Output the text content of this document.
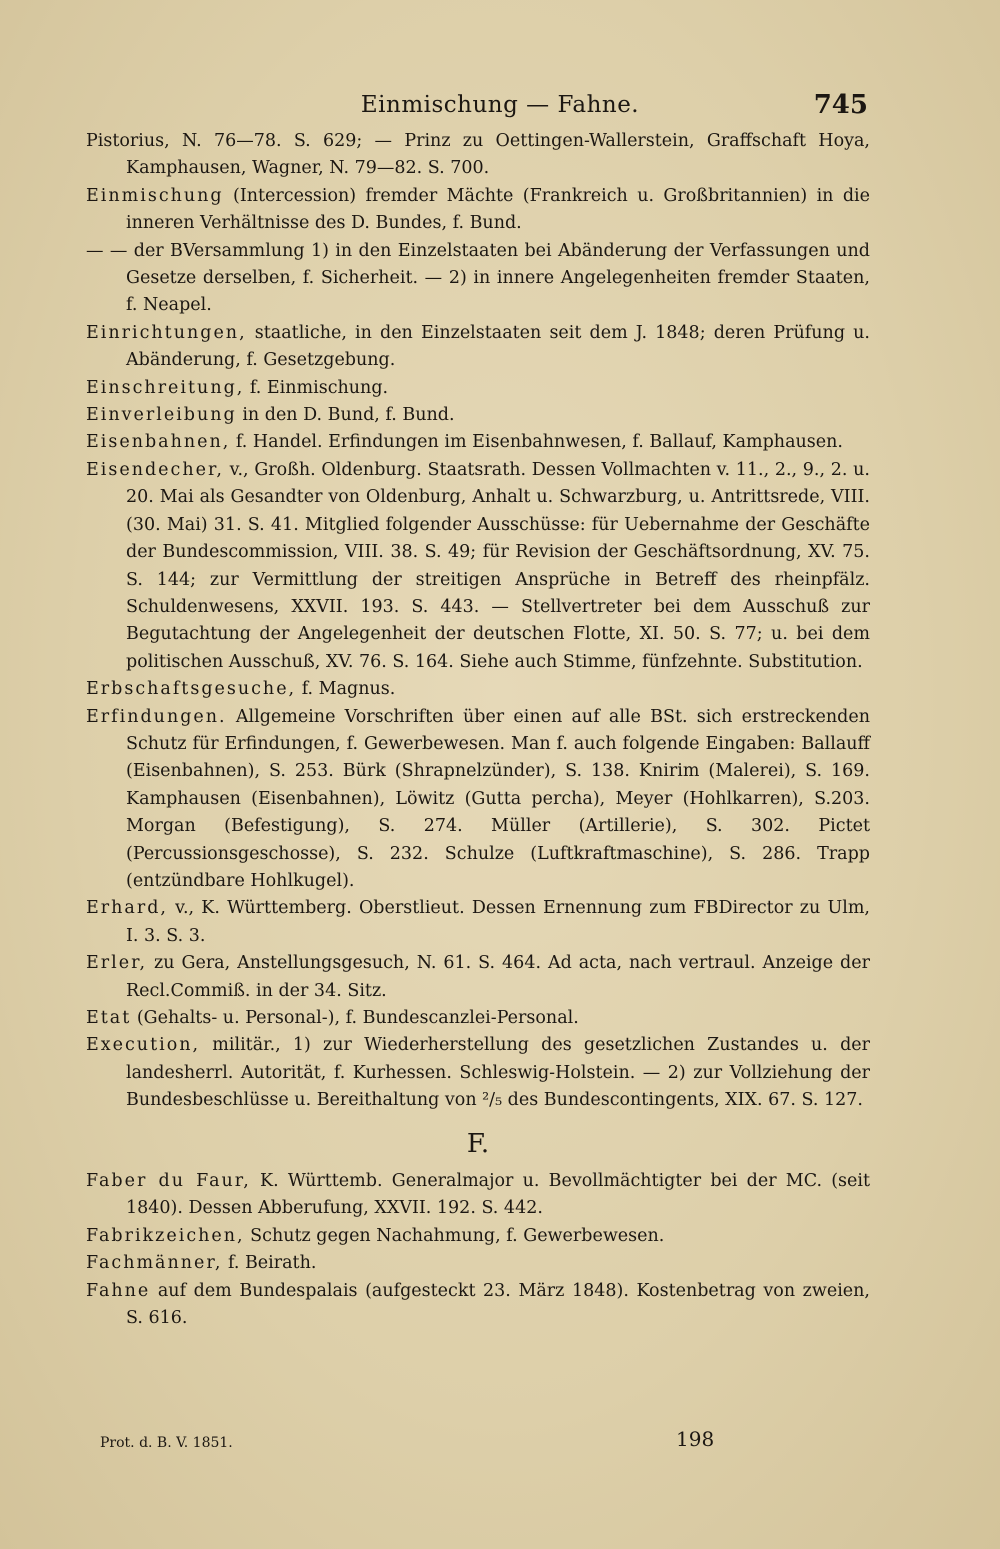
Einmischung — Fahne.	745
Pistorius, N. 76—78. S. 629; — Prinz zu Oettingen-Wallerstein, Graffschaft Hoya, Kamphausen, Wagner, N. 79—82. S. 700.
Einmischung (Intercession) fremder Mächte (Frankreich u. Großbritannien) in die inneren Verhältnisse des D. Bundes, f. Bund.
— — der BVersammlung 1) in den Einzelstaaten bei Abänderung der Verfassungen und Gesetze derselben, f. Sicherheit. — 2) in innere Angelegenheiten fremder Staaten, f. Neapel.
Einrichtungen, staatliche, in den Einzelstaaten seit dem J. 1848; deren Prüfung u. Abänderung, f. Gesetzgebung.
Einschreitung, f. Einmischung.
Einverleibung in den D. Bund, f. Bund.
Eisenbahnen, f. Handel. Erfindungen im Eisenbahnwesen, f. Ballauf, Kamphausen.
Eisendecher, v., Großh. Oldenburg. Staatsrath. Dessen Vollmachten v. 11., 2., 9., 2. u. 20. Mai als Gesandter von Oldenburg, Anhalt u. Schwarzburg, u. Antrittsrede, VIII. (30. Mai) 31. S. 41. Mitglied folgender Ausschüsse: für Uebernahme der Geschäfte der Bundescommission, VIII. 38. S. 49; für Revision der Geschäftsordnung, XV. 75. S. 144; zur Vermittlung der streitigen Ansprüche in Betreff des rheinpfälz. Schuldenwesens, XXVII. 193. S. 443. — Stellvertreter bei dem Ausschuß zur Begutachtung der Angelegenheit der deutschen Flotte, XI. 50. S. 77; u. bei dem politischen Ausschuß, XV. 76. S. 164. Siehe auch Stimme, fünfzehnte. Substitution.
Erbschaftsgesuche, f. Magnus.
Erfindungen. Allgemeine Vorschriften über einen auf alle BSt. sich erstreckenden Schutz für Erfindungen, f. Gewerbewesen. Man f. auch folgende Eingaben: Ballauff (Eisenbahnen), S. 253. Bürk (Shrapnelzünder), S. 138. Knirim (Malerei), S. 169. Kamphausen (Eisenbahnen), Löwitz (Gutta percha), Meyer (Hohlkarren), S.203. Morgan (Befestigung), S. 274. Müller (Artillerie), S. 302. Pictet (Percussionsgeschosse), S. 232. Schulze (Luftkraftmaschine), S. 286. Trapp (entzündbare Hohlkugel).
Erhard, v., K. Württemberg. Oberstlieut. Dessen Ernennung zum FBDirector zu Ulm, I. 3. S. 3.
Erler, zu Gera, Anstellungsgesuch, N. 61. S. 464. Ad acta, nach vertraul. Anzeige der Recl.Commiß. in der 34. Sitz.
Etat (Gehalts- u. Personal-), f. Bundescanzlei-Personal.
Execution, militär., 1) zur Wiederherstellung des gesetzlichen Zustandes u. der landesherrl. Autorität, f. Kurhessen. Schleswig-Holstein. — 2) zur Vollziehung der Bundesbeschlüsse u. Bereithaltung von ²/₅ des Bundescontingents, XIX. 67. S. 127.
F.
Faber du Faur, K. Württemb. Generalmajor u. Bevollmächtigter bei der MC. (seit 1840). Dessen Abberufung, XXVII. 192. S. 442.
Fabrikzeichen, Schutz gegen Nachahmung, f. Gewerbewesen.
Fachmänner, f. Beirath.
Fahne auf dem Bundespalais (aufgesteckt 23. März 1848). Kostenbetrag von zweien, S. 616.
Prot. d. B. V. 1851.	198
